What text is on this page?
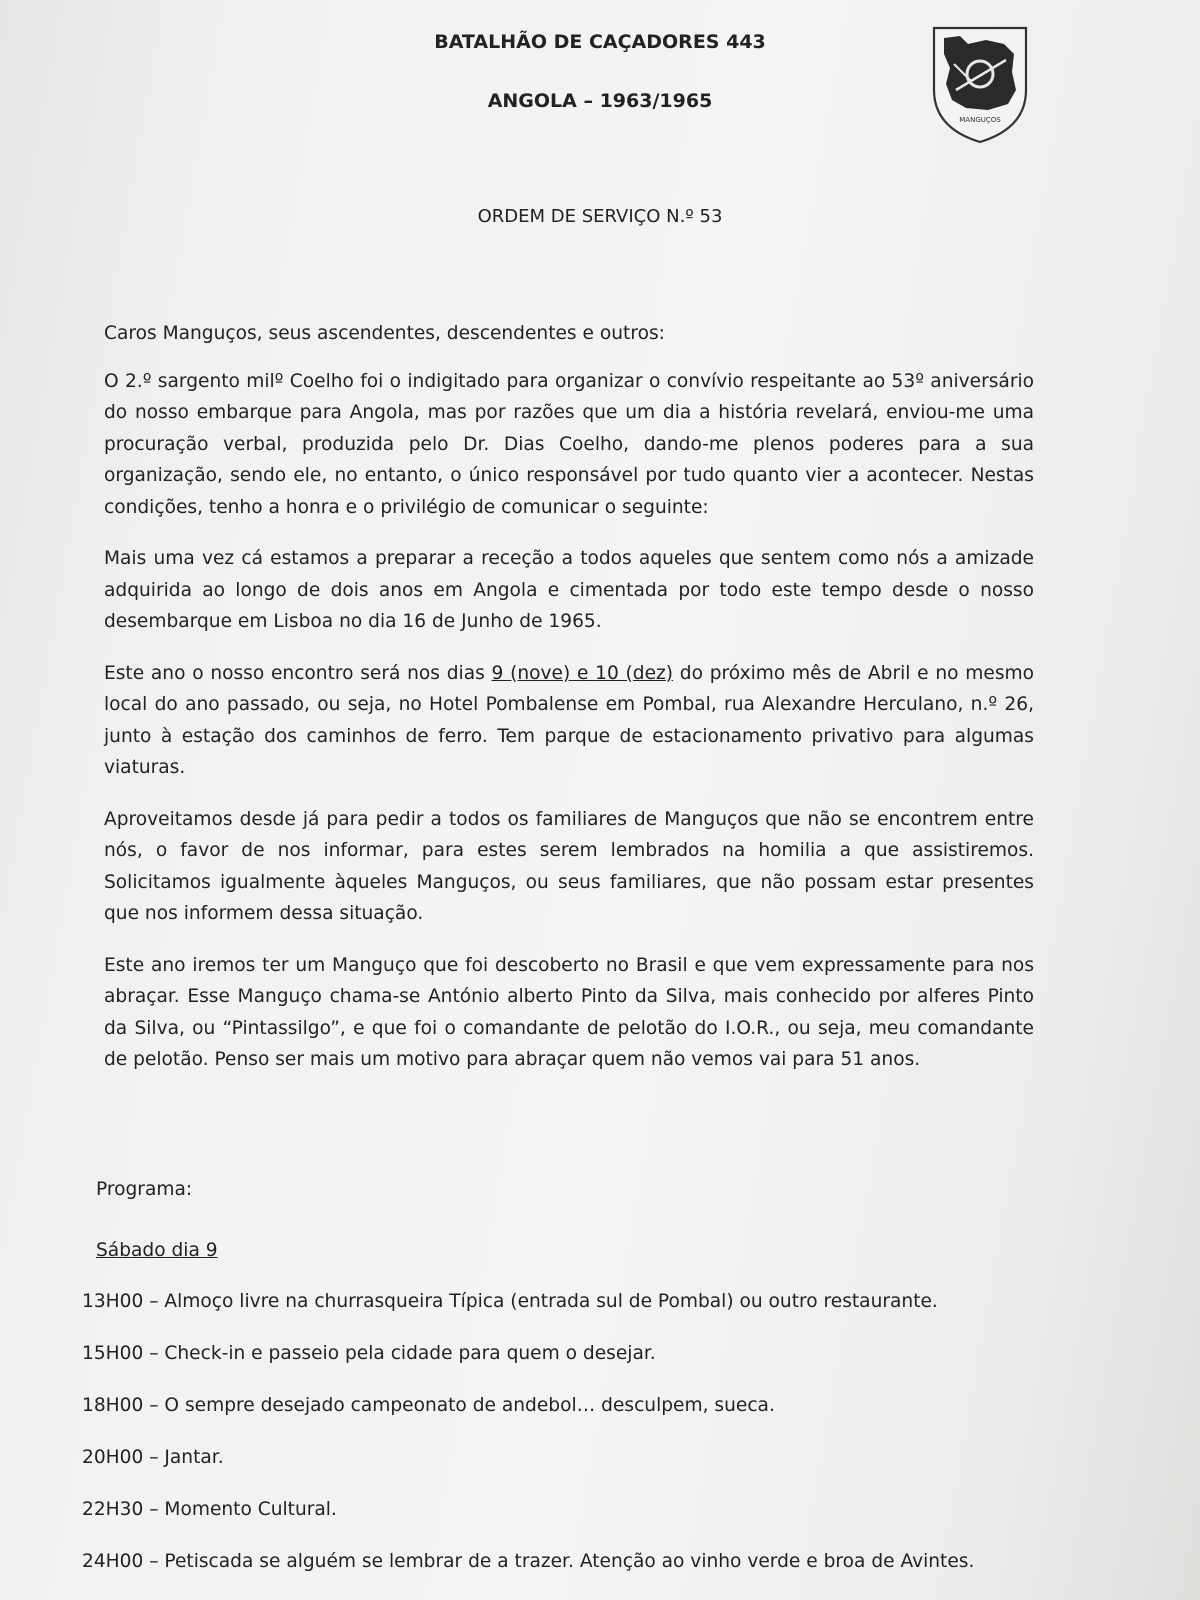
BATALHÃO DE CAÇADORES 443
ANGOLA – 1963/1965
MANGUÇOS
ORDEM DE SERVIÇO N.º 53

Caros Manguços, seus ascendentes, descendentes e outros:

O 2.º sargento milº Coelho foi o indigitado para organizar o convívio respeitante ao 53º aniversário do nosso embarque para Angola, mas por razões que um dia a história revelará, enviou-me uma procuração verbal, produzida pelo Dr. Dias Coelho, dando-me plenos poderes para a sua organização, sendo ele, no entanto, o único responsável por tudo quanto vier a acontecer. Nestas condições, tenho a honra e o privilégio de comunicar o seguinte:

Mais uma vez cá estamos a preparar a receção a todos aqueles que sentem como nós a amizade adquirida ao longo de dois anos em Angola e cimentada por todo este tempo desde o nosso desembarque em Lisboa no dia 16 de Junho de 1965.

Este ano o nosso encontro será nos dias 9 (nove) e 10 (dez) do próximo mês de Abril e no mesmo local do ano passado, ou seja, no Hotel Pombalense em Pombal, rua Alexandre Herculano, n.º 26, junto à estação dos caminhos de ferro. Tem parque de estacionamento privativo para algumas viaturas.

Aproveitamos desde já para pedir a todos os familiares de Manguços que não se encontrem entre nós, o favor de nos informar, para estes serem lembrados na homilia a que assistiremos. Solicitamos igualmente àqueles Manguços, ou seus familiares, que não possam estar presentes que nos informem dessa situação.

Este ano iremos ter um Manguço que foi descoberto no Brasil e que vem expressamente para nos abraçar. Esse Manguço chama-se António alberto Pinto da Silva, mais conhecido por alferes Pinto da Silva, ou “Pintassilgo”, e que foi o comandante de pelotão do I.O.R., ou seja, meu comandante de pelotão. Penso ser mais um motivo para abraçar quem não vemos vai para 51 anos.

Programa:
Sábado dia 9
13H00 – Almoço livre na churrasqueira Típica (entrada sul de Pombal) ou outro restaurante.
15H00 – Check-in e passeio pela cidade para quem o desejar.
18H00 – O sempre desejado campeonato de andebol… desculpem, sueca.
20H00 – Jantar.
22H30 – Momento Cultural.
24H00 – Petiscada se alguém se lembrar de a trazer. Atenção ao vinho verde e broa de Avintes.
